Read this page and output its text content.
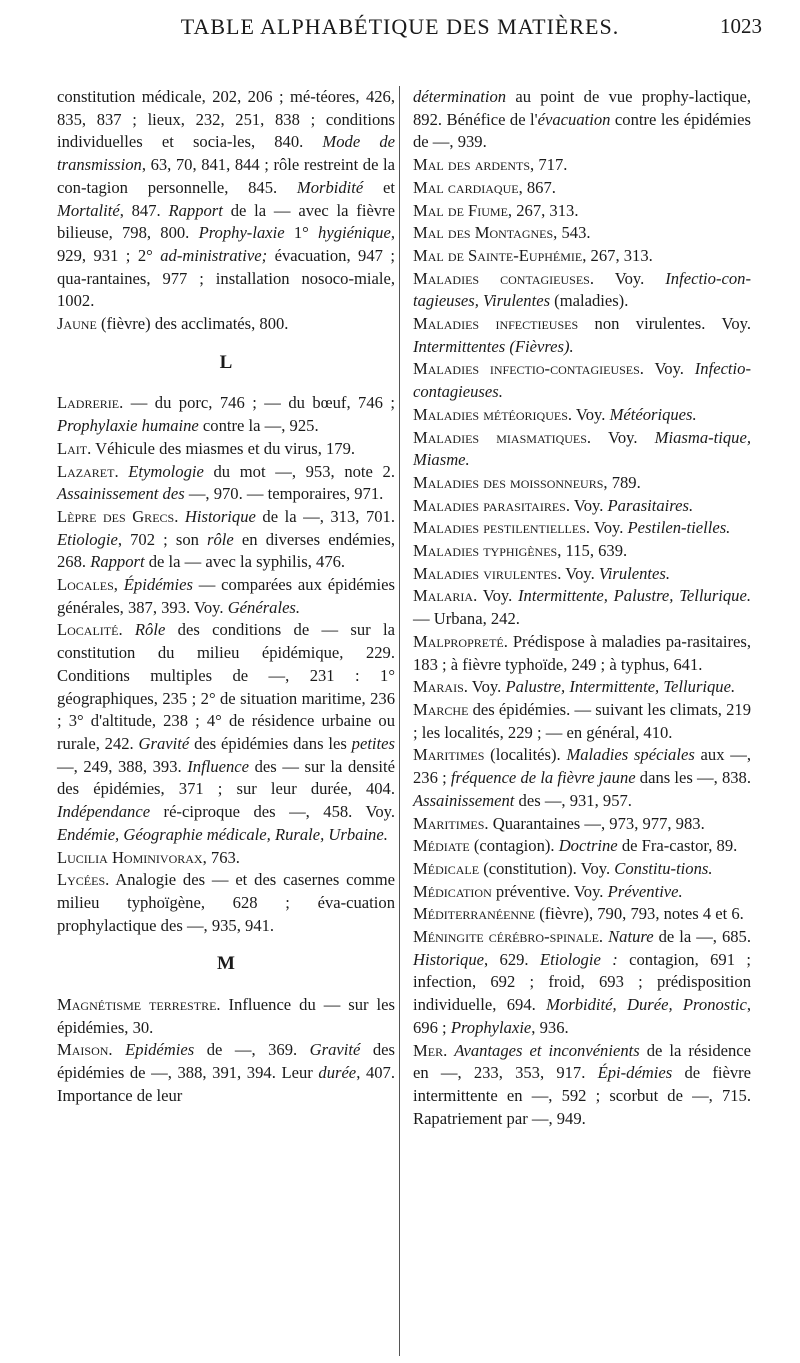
TABLE ALPHABÉTIQUE DES MATIÈRES.	1023

constitution médicale, 202, 206 ; mé-téores, 426, 835, 837 ; lieux, 232, 251, 838 ; conditions individuelles et socia-les, 840. Mode de transmission, 63, 70, 841, 844 ; rôle restreint de la con-tagion personnelle, 845. Morbidité et Mortalité, 847. Rapport de la — avec la fièvre bilieuse, 798, 800. Prophy-laxie 1° hygiénique, 929, 931 ; 2° ad-ministrative; évacuation, 947 ; qua-rantaines, 977 ; installation nosoco-miale, 1002.

Jaune (fièvre) des acclimatés, 800.

L

Ladrerie. — du porc, 746 ; — du bœuf, 746 ; Prophylaxie humaine contre la —, 925.

Lait. Véhicule des miasmes et du virus, 179.

Lazaret. Etymologie du mot —, 953, note 2. Assainissement des —, 970. — temporaires, 971.

Lèpre des Grecs. Historique de la —, 313, 701. Etiologie, 702 ; son rôle en diverses endémies, 268. Rapport de la — avec la syphilis, 476.

Locales, Épidémies — comparées aux épidémies générales, 387, 393. Voy. Générales.

Localité. Rôle des conditions de — sur la constitution du milieu épidémique, 229. Conditions multiples de —, 231 : 1° géographiques, 235 ; 2° de situation maritime, 236 ; 3° d'altitude, 238 ; 4° de résidence urbaine ou rurale, 242. Gravité des épidémies dans les petites —, 249, 388, 393. Influence des — sur la densité des épidémies, 371 ; sur leur durée, 404. Indépendance ré-ciproque des —, 458. Voy. Endémie, Géographie médicale, Rurale, Urbaine.

Lucilia Hominivorax, 763.

Lycées. Analogie des — et des casernes comme milieu typhoïgène, 628 ; éva-cuation prophylactique des —, 935, 941.

M

Magnétisme terrestre. Influence du — sur les épidémies, 30.

Maison. Epidémies de —, 369. Gravité des épidémies de —, 388, 391, 394. Leur durée, 407. Importance de leur

détermination au point de vue prophy-lactique, 892. Bénéfice de l'évacuation contre les épidémies de —, 939.

Mal des ardents, 717.

Mal cardiaque, 867.

Mal de Fiume, 267, 313.

Mal des Montagnes, 543.

Mal de Sainte-Euphémie, 267, 313.

Maladies contagieuses. Voy. Infectio-con-tagieuses, Virulentes (maladies).

Maladies infectieuses non virulentes. Voy. Intermittentes (Fièvres).

Maladies infectio-contagieuses. Voy. Infectio-contagieuses.

Maladies météoriques. Voy. Météoriques.

Maladies miasmatiques. Voy. Miasma-tique, Miasme.

Maladies des moissonneurs, 789.

Maladies parasitaires. Voy. Parasitaires.

Maladies pestilentielles. Voy. Pestilen-tielles.

Maladies typhigènes, 115, 639.

Maladies virulentes. Voy. Virulentes.

Malaria. Voy. Intermittente, Palustre, Tellurique. — Urbana, 242.

Malpropreté. Prédispose à maladies pa-rasitaires, 183 ; à fièvre typhoïde, 249 ; à typhus, 641.

Marais. Voy. Palustre, Intermittente, Tellurique.

Marche des épidémies. — suivant les climats, 219 ; les localités, 229 ; — en général, 410.

Maritimes (localités). Maladies spéciales aux —, 236 ; fréquence de la fièvre jaune dans les —, 838. Assainissement des —, 931, 957.

Maritimes. Quarantaines —, 973, 977, 983.

Médiate (contagion). Doctrine de Fra-castor, 89.

Médicale (constitution). Voy. Constitu-tions.

Médication préventive. Voy. Préventive.

Méditerranéenne (fièvre), 790, 793, notes 4 et 6.

Méningite cérébro-spinale. Nature de la —, 685. Historique, 629. Etiologie : contagion, 691 ; infection, 692 ; froid, 693 ; prédisposition individuelle, 694. Morbidité, Durée, Pronostic, 696 ; Prophylaxie, 936.

Mer. Avantages et inconvénients de la résidence en —, 233, 353, 917. Épi-démies de fièvre intermittente en —, 592 ; scorbut de —, 715. Rapatriement par —, 949.
